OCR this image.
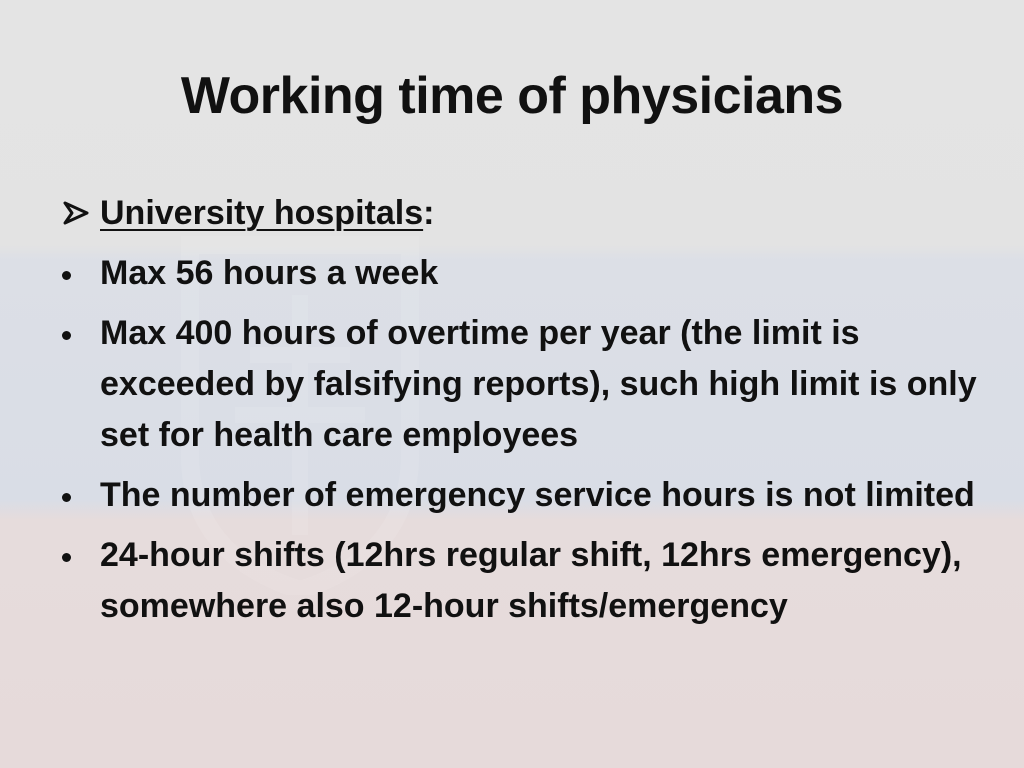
Working time of physicians
University hospitals:
Max 56 hours a week
Max 400 hours of overtime per year (the limit is exceeded by falsifying reports), such high limit is only set for health care employees
The number of emergency service hours is not limited
24-hour shifts (12hrs regular shift, 12hrs emergency), somewhere also 12-hour shifts/emergency
